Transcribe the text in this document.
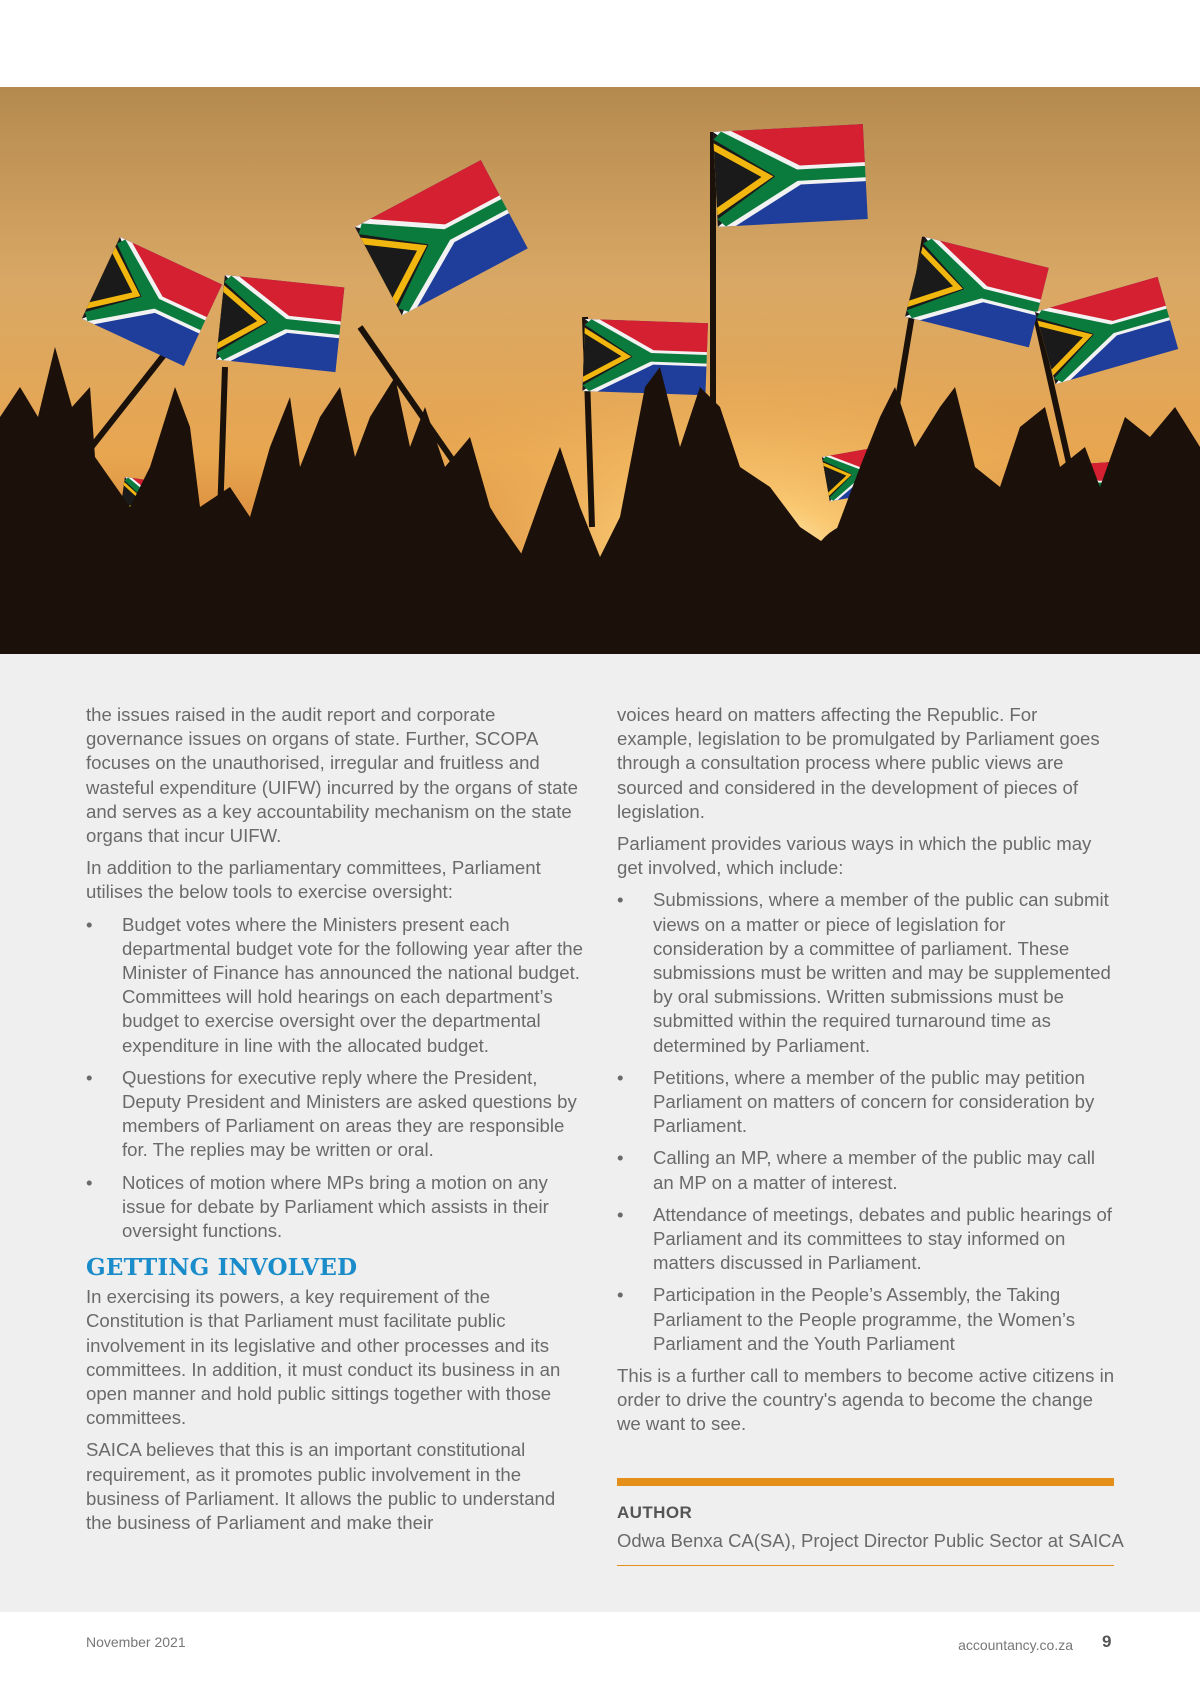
the issues raised in the audit report and corporate governance issues on organs of state. Further, SCOPA focuses on the unauthorised, irregular and fruitless and wasteful expenditure (UIFW) incurred by the organs of state and serves as a key accountability mechanism on the state organs that incur UIFW.

In addition to the parliamentary committees, Parliament utilises the below tools to exercise oversight:

• Budget votes where the Ministers present each departmental budget vote for the following year after the Minister of Finance has announced the national budget. Committees will hold hearings on each department’s budget to exercise oversight over the departmental expenditure in line with the allocated budget.
• Questions for executive reply where the President, Deputy President and Ministers are asked questions by members of Parliament on areas they are responsible for. The replies may be written or oral.
• Notices of motion where MPs bring a motion on any issue for debate by Parliament which assists in their oversight functions.
GETTING INVOLVED

In exercising its powers, a key requirement of the Constitution is that Parliament must facilitate public involvement in its legislative and other processes and its committees. In addition, it must conduct its business in an open manner and hold public sittings together with those committees.

SAICA believes that this is an important constitutional requirement, as it promotes public involvement in the business of Parliament. It allows the public to understand the business of Parliament and make their

voices heard on matters affecting the Republic. For example, legislation to be promulgated by Parliament goes through a consultation process where public views are sourced and considered in the development of pieces of legislation.

Parliament provides various ways in which the public may get involved, which include:

• Submissions, where a member of the public can submit views on a matter or piece of legislation for consideration by a committee of parliament. These submissions must be written and may be supplemented by oral submissions. Written submissions must be submitted within the required turnaround time as determined by Parliament.
• Petitions, where a member of the public may petition Parliament on matters of concern for consideration by Parliament.
• Calling an MP, where a member of the public may call an MP on a matter of interest.
• Attendance of meetings, debates and public hearings of Parliament and its committees to stay informed on matters discussed in Parliament.
• Participation in the People’s Assembly, the Taking Parliament to the People programme, the Women’s Parliament and the Youth Parliament

This is a further call to members to become active citizens in order to drive the country's agenda to become the change we want to see.

AUTHOR
Odwa Benxa CA(SA), Project Director Public Sector at SAICA
November 2021	accountancy.co.za 9
